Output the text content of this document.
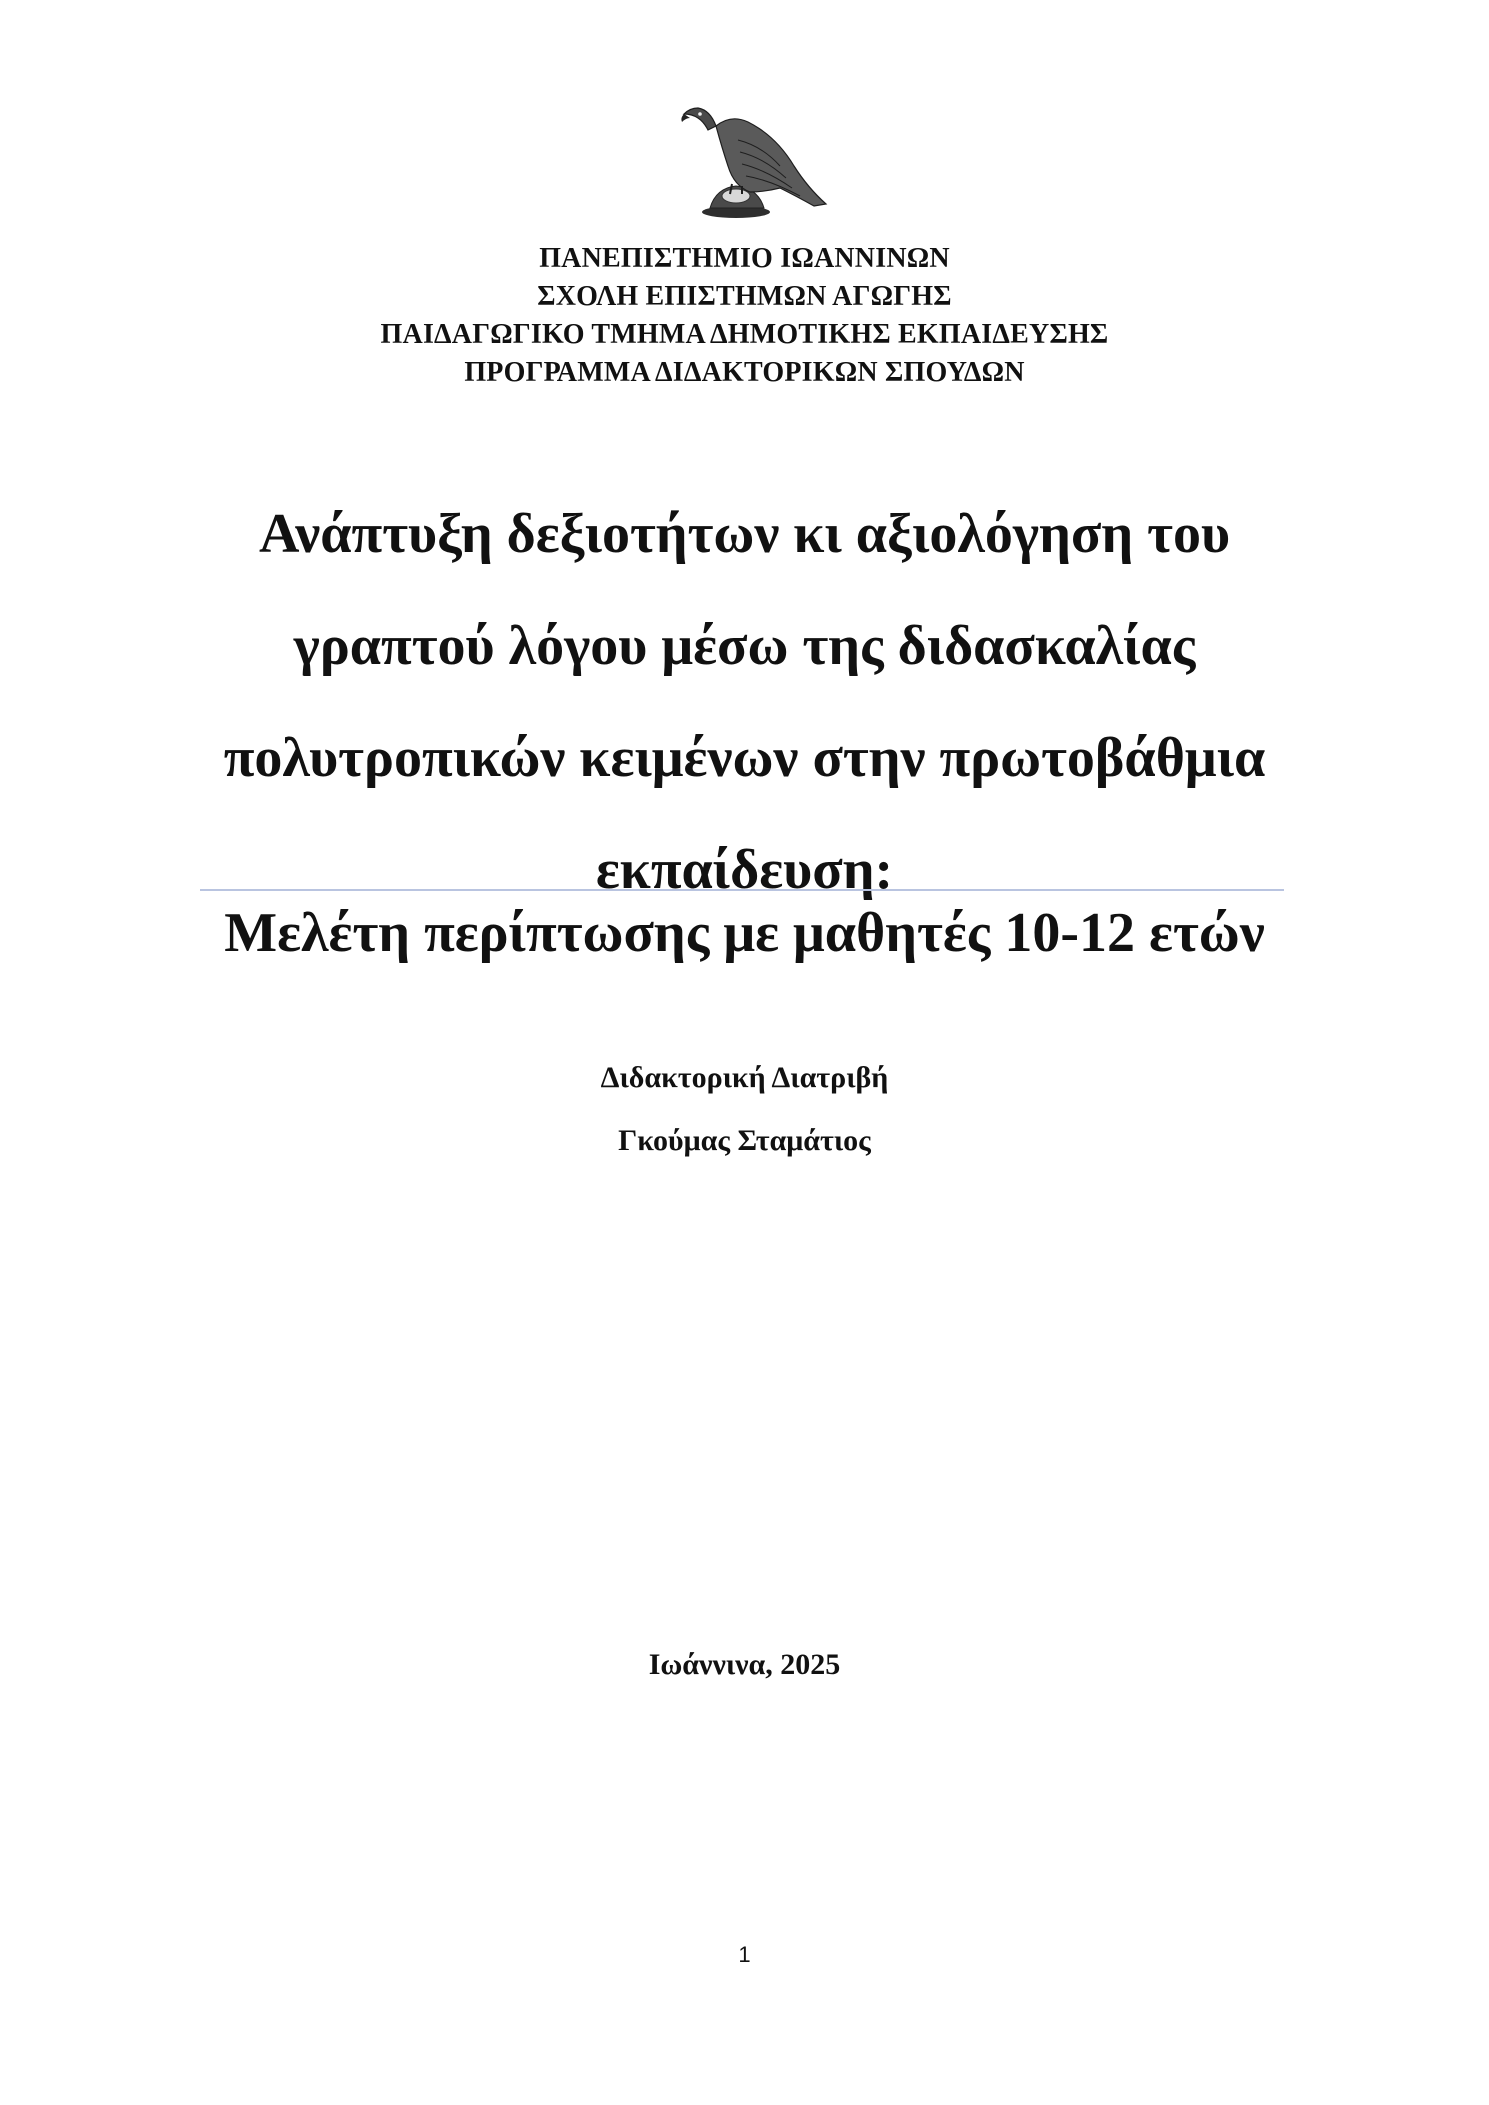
ΠΑΝΕΠΙΣΤΗΜΙΟ ΙΩΑΝΝΙΝΩΝ
ΣΧΟΛΗ ΕΠΙΣΤΗΜΩΝ ΑΓΩΓΗΣ
ΠΑΙΔΑΓΩΓΙΚΟ ΤΜΗΜΑ ΔΗΜΟΤΙΚΗΣ ΕΚΠΑΙΔΕΥΣΗΣ
ΠΡΟΓΡΑΜΜΑ ΔΙΔΑΚΤΟΡΙΚΩΝ ΣΠΟΥΔΩΝ
Ανάπτυξη δεξιοτήτων κι αξιολόγηση του
γραπτού λόγου μέσω της διδασκαλίας
πολυτροπικών κειμένων στην πρωτοβάθμια
εκπαίδευση:
Μελέτη περίπτωσης με μαθητές 10-12 ετών
Διδακτορική Διατριβή
Γκούμας Σταμάτιος
Ιωάννινα, 2025
1
